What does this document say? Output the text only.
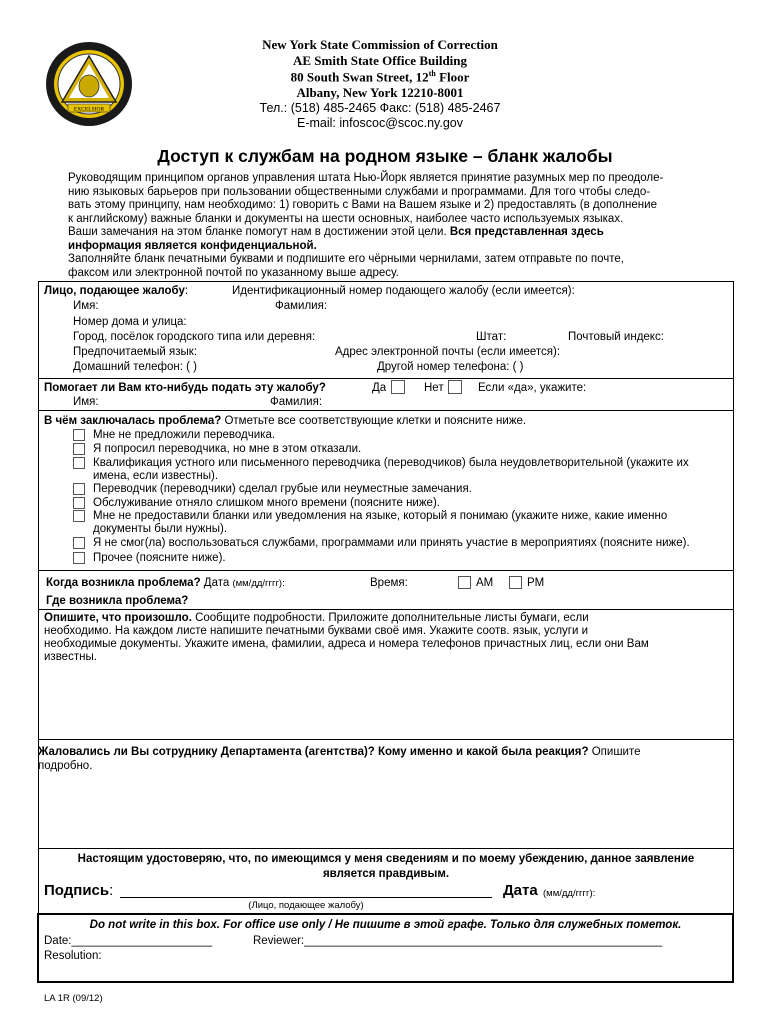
EXCELSIOR
New York State Commission of Correction
AE Smith State Office Building
80 South Swan Street, 12th Floor
Albany, New York 12210-8001
Тел.: (518) 485-2465 Факс: (518) 485-2467
E-mail: infoscoc@scoc.ny.gov
Доступ к службам на родном языке – бланк жалобы
Руководящим принципом органов управления штата Нью-Йорк является принятие разумных мер по преодоле-
нию языковых барьеров при пользовании общественными службами и программами. Для того чтобы следо-
вать этому принципу, нам необходимо: 1) говорить с Вами на Вашем языке и 2) предоставлять (в дополнение
к английскому) важные бланки и документы на шести основных, наиболее часто используемых языках.
Ваши замечания на этом бланке помогут нам в достижении этой цели. Вся представленная здесь
информация является конфиденциальной.
Заполняйте бланк печатными буквами и подпишите его чёрными чернилами, затем отправьте по почте,
факсом или электронной почтой по указанному выше адресу.
Лицо, подающее жалобу:	Идентификационный номер подающего жалобу (если имеется):
Имя:	Фамилия:
Номер дома и улица:
Город, посёлок городского типа или деревня:	Штат:	Почтовый индекс:
Предпочитаемый язык:	Адрес электронной почты (если имеется):
Домашний телефон: ( )	Другой номер телефона: ( )
Помогает ли Вам кто-нибудь подать эту жалобу?	Да	Нет	Если «да», укажите:
Имя:	Фамилия:
В чём заключалась проблема? Отметьте все соответствующие клетки и поясните ниже.
Мне не предложили переводчика.
Я попросил переводчика, но мне в этом отказали.
Квалификация устного или письменного переводчика (переводчиков) была неудовлетворительной (укажите их
имена, если известны).
Переводчик (переводчики) сделал грубые или неуместные замечания.
Обслуживание отняло слишком много времени (поясните ниже).
Мне не предоставили бланки или уведомления на языке, который я понимаю (укажите ниже, какие именно
документы были нужны).
Я не смог(ла) воспользоваться службами, программами или принять участие в мероприятиях (поясните ниже).
Прочее (поясните ниже).
Когда возникла проблема? Дата (мм/дд/гггг):	Время:	AM	PM
Где возникла проблема?
Опишите, что произошло. Сообщите подробности. Приложите дополнительные листы бумаги, если
необходимо. На каждом листе напишите печатными буквами своё имя. Укажите соотв. язык, услуги и
необходимые документы. Укажите имена, фамилии, адреса и номера телефонов причастных лиц, если они Вам
известны.
Жаловались ли Вы сотруднику Департамента (агентства)? Кому именно и какой была реакция? Опишите
подробно.
Настоящим удостоверяю, что, по имеющимся у меня сведениям и по моему убеждению, данное заявление
является правдивым.
Подпись:
(Лицо, подающее жалобу)
Дата (мм/дд/гггг):
Do not write in this box. For office use only / Не пишите в этой графе. Только для служебных пометок.
Date:______________________	Reviewer:________________________________________________________
Resolution:
LA 1R (09/12)
